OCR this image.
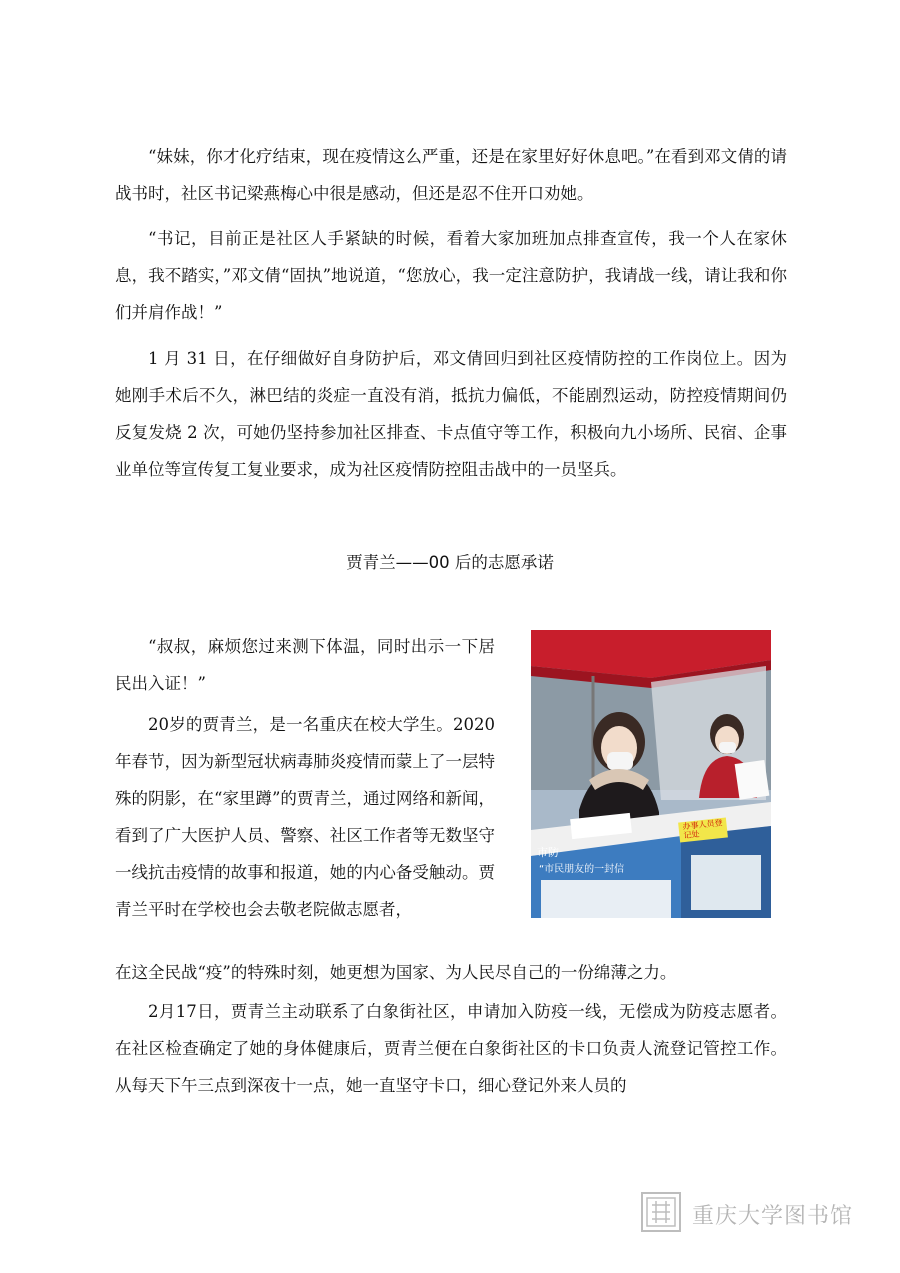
“妹妹，你才化疗结束，现在疫情这么严重，还是在家里好好休息吧。”在看到邓文倩的请战书时，社区书记梁燕梅心中很是感动，但还是忍不住开口劝她。

“书记，目前正是社区人手紧缺的时候，看着大家加班加点排查宣传，我一个人在家休息，我不踏实，”邓文倩“固执”地说道，“您放心，我一定注意防护，我请战一线，请让我和你们并肩作战！”

1 月 31 日，在仔细做好自身防护后，邓文倩回归到社区疫情防控的工作岗位上。因为她刚手术后不久，淋巴结的炎症一直没有消，抵抗力偏低，不能剧烈运动，防控疫情期间仍反复发烧 2 次，可她仍坚持参加社区排查、卡点值守等工作，积极向九小场所、民宿、企事业单位等宣传复工复业要求，成为社区疫情防控阻击战中的一员坚兵。

贾青兰——00 后的志愿承诺
市防
“市民朋友的一封信
办事人员登记处

“叔叔，麻烦您过来测下体温，同时出示一下居民出入证！”

20岁的贾青兰，是一名重庆在校大学生。2020年春节，因为新型冠状病毒肺炎疫情而蒙上了一层特殊的阴影，在“家里蹲”的贾青兰，通过网络和新闻，看到了广大医护人员、警察、社区工作者等无数坚守一线抗击疫情的故事和报道，她的内心备受触动。贾青兰平时在学校也会去敬老院做志愿者，

在这全民战“疫”的特殊时刻，她更想为国家、为人民尽自己的一份绵薄之力。

2月17日，贾青兰主动联系了白象街社区，申请加入防疫一线，无偿成为防疫志愿者。在社区检查确定了她的身体健康后，贾青兰便在白象街社区的卡口负责人流登记管控工作。从每天下午三点到深夜十一点，她一直坚守卡口，细心登记外来人员的

重庆大学图书馆
